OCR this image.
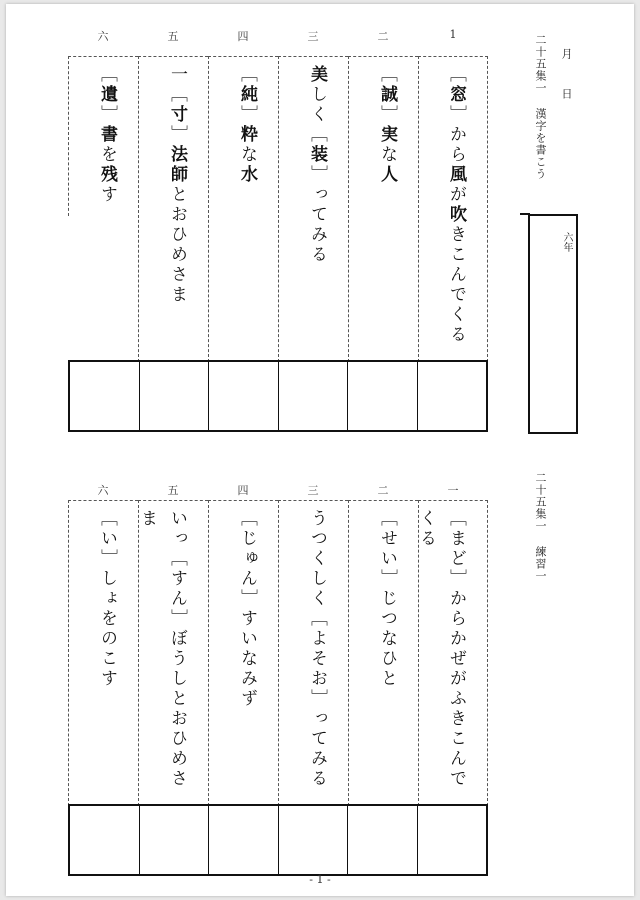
1
二
三
四
五
六
［窓］から風が吹きこんでくる
［誠］実な人
美しく［装］ってみる
［純］粋な水
一［寸］法師とおひめさま
［遺］書を残す
二十五集一 漢字を書こう 月
日
六年
一
二
三
四
五
六
［まど］からかぜがふきこんでくる
［せい］じつなひと
うつくしく［よそお］ってみる
［じゅん］すいなみず
いっ［すん］ぼうしとおひめさま
［い］しょをのこす	二十五集一 練習一
- 1 -
